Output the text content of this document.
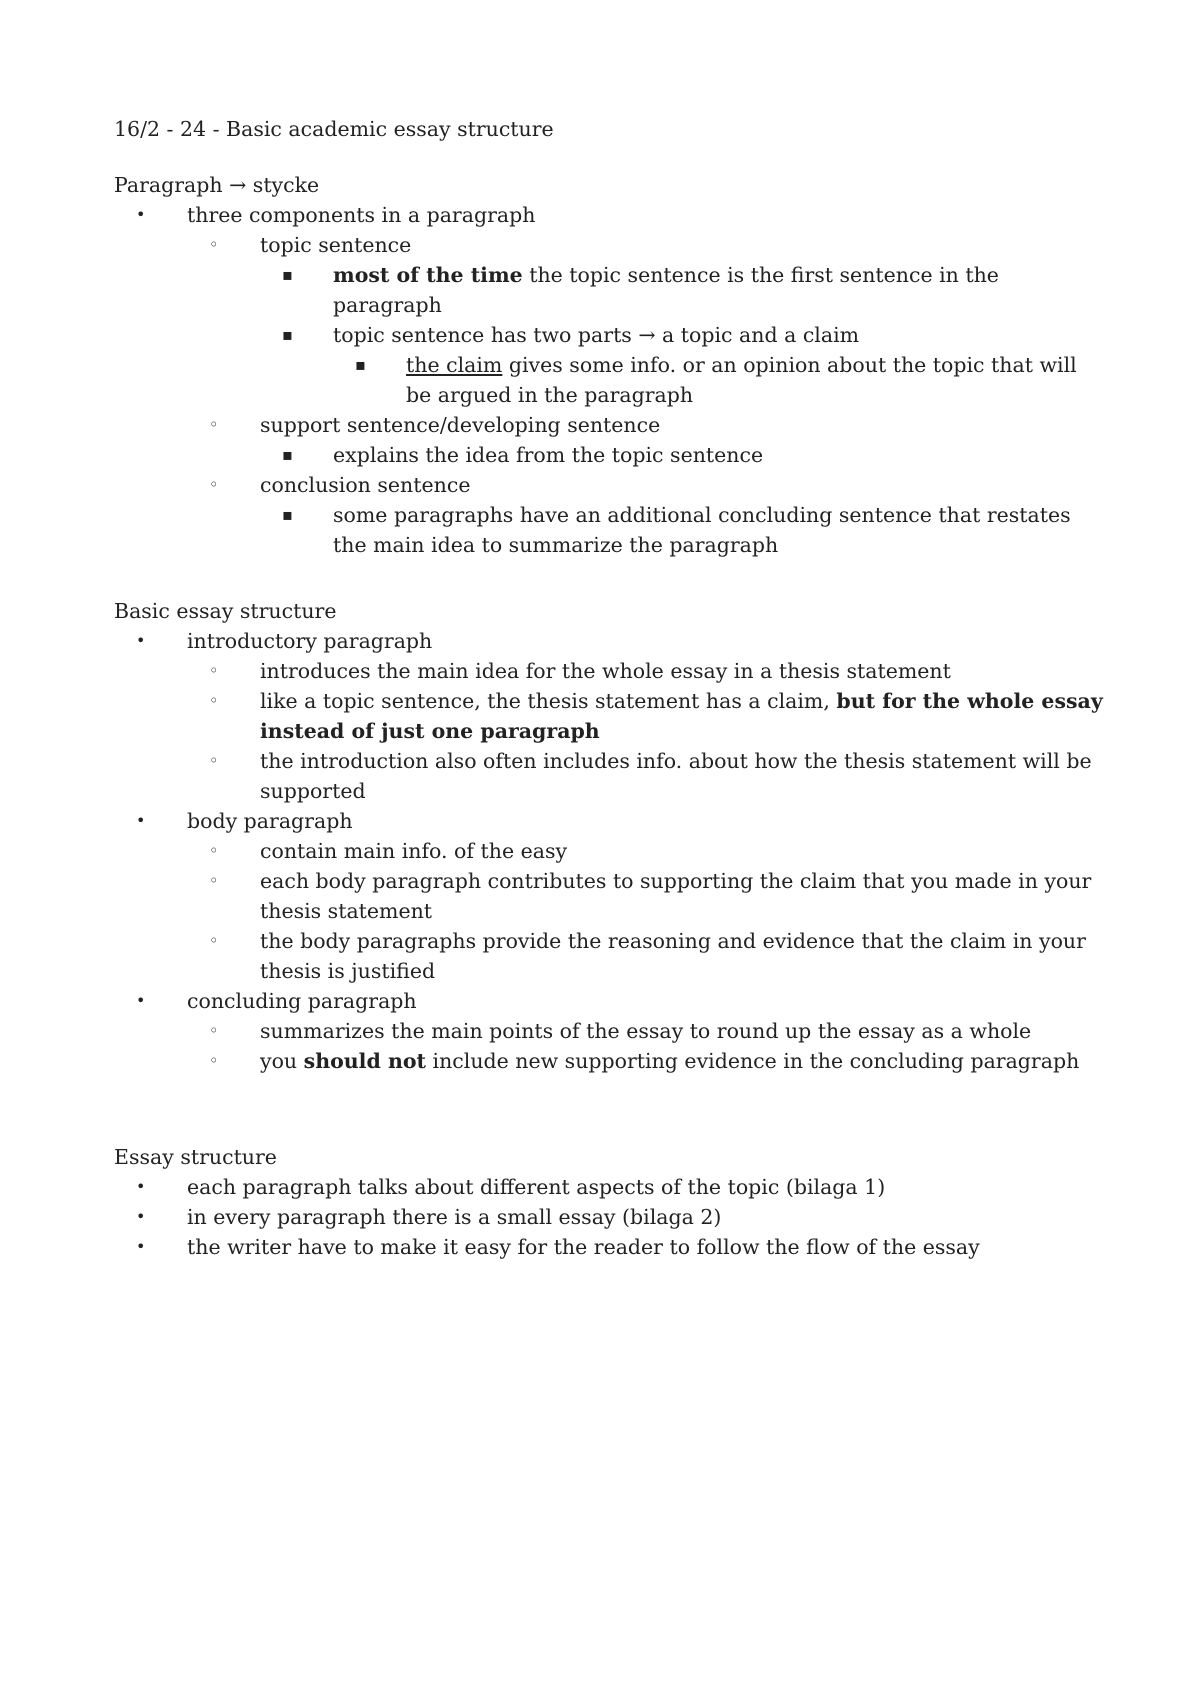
16/2 - 24 - Basic academic essay structure
Paragraph → stycke
• three components in a paragraph
◦ topic sentence
▪ most of the time the topic sentence is the first sentence in the paragraph
▪ topic sentence has two parts → a topic and a claim
▪ the claim gives some info. or an opinion about the topic that will be argued in the paragraph
◦ support sentence/developing sentence
▪ explains the idea from the topic sentence
◦ conclusion sentence
▪ some paragraphs have an additional concluding sentence that restates the main idea to summarize the paragraph
Basic essay structure
• introductory paragraph
◦ introduces the main idea for the whole essay in a thesis statement
◦ like a topic sentence, the thesis statement has a claim, but for the whole essay instead of just one paragraph
◦ the introduction also often includes info. about how the thesis statement will be supported
• body paragraph
◦ contain main info. of the easy
◦ each body paragraph contributes to supporting the claim that you made in your thesis statement
◦ the body paragraphs provide the reasoning and evidence that the claim in your thesis is justified
• concluding paragraph
◦ summarizes the main points of the essay to round up the essay as a whole
◦ you should not include new supporting evidence in the concluding paragraph
Essay structure
• each paragraph talks about different aspects of the topic (bilaga 1)
• in every paragraph there is a small essay (bilaga 2)
• the writer have to make it easy for the reader to follow the flow of the essay
